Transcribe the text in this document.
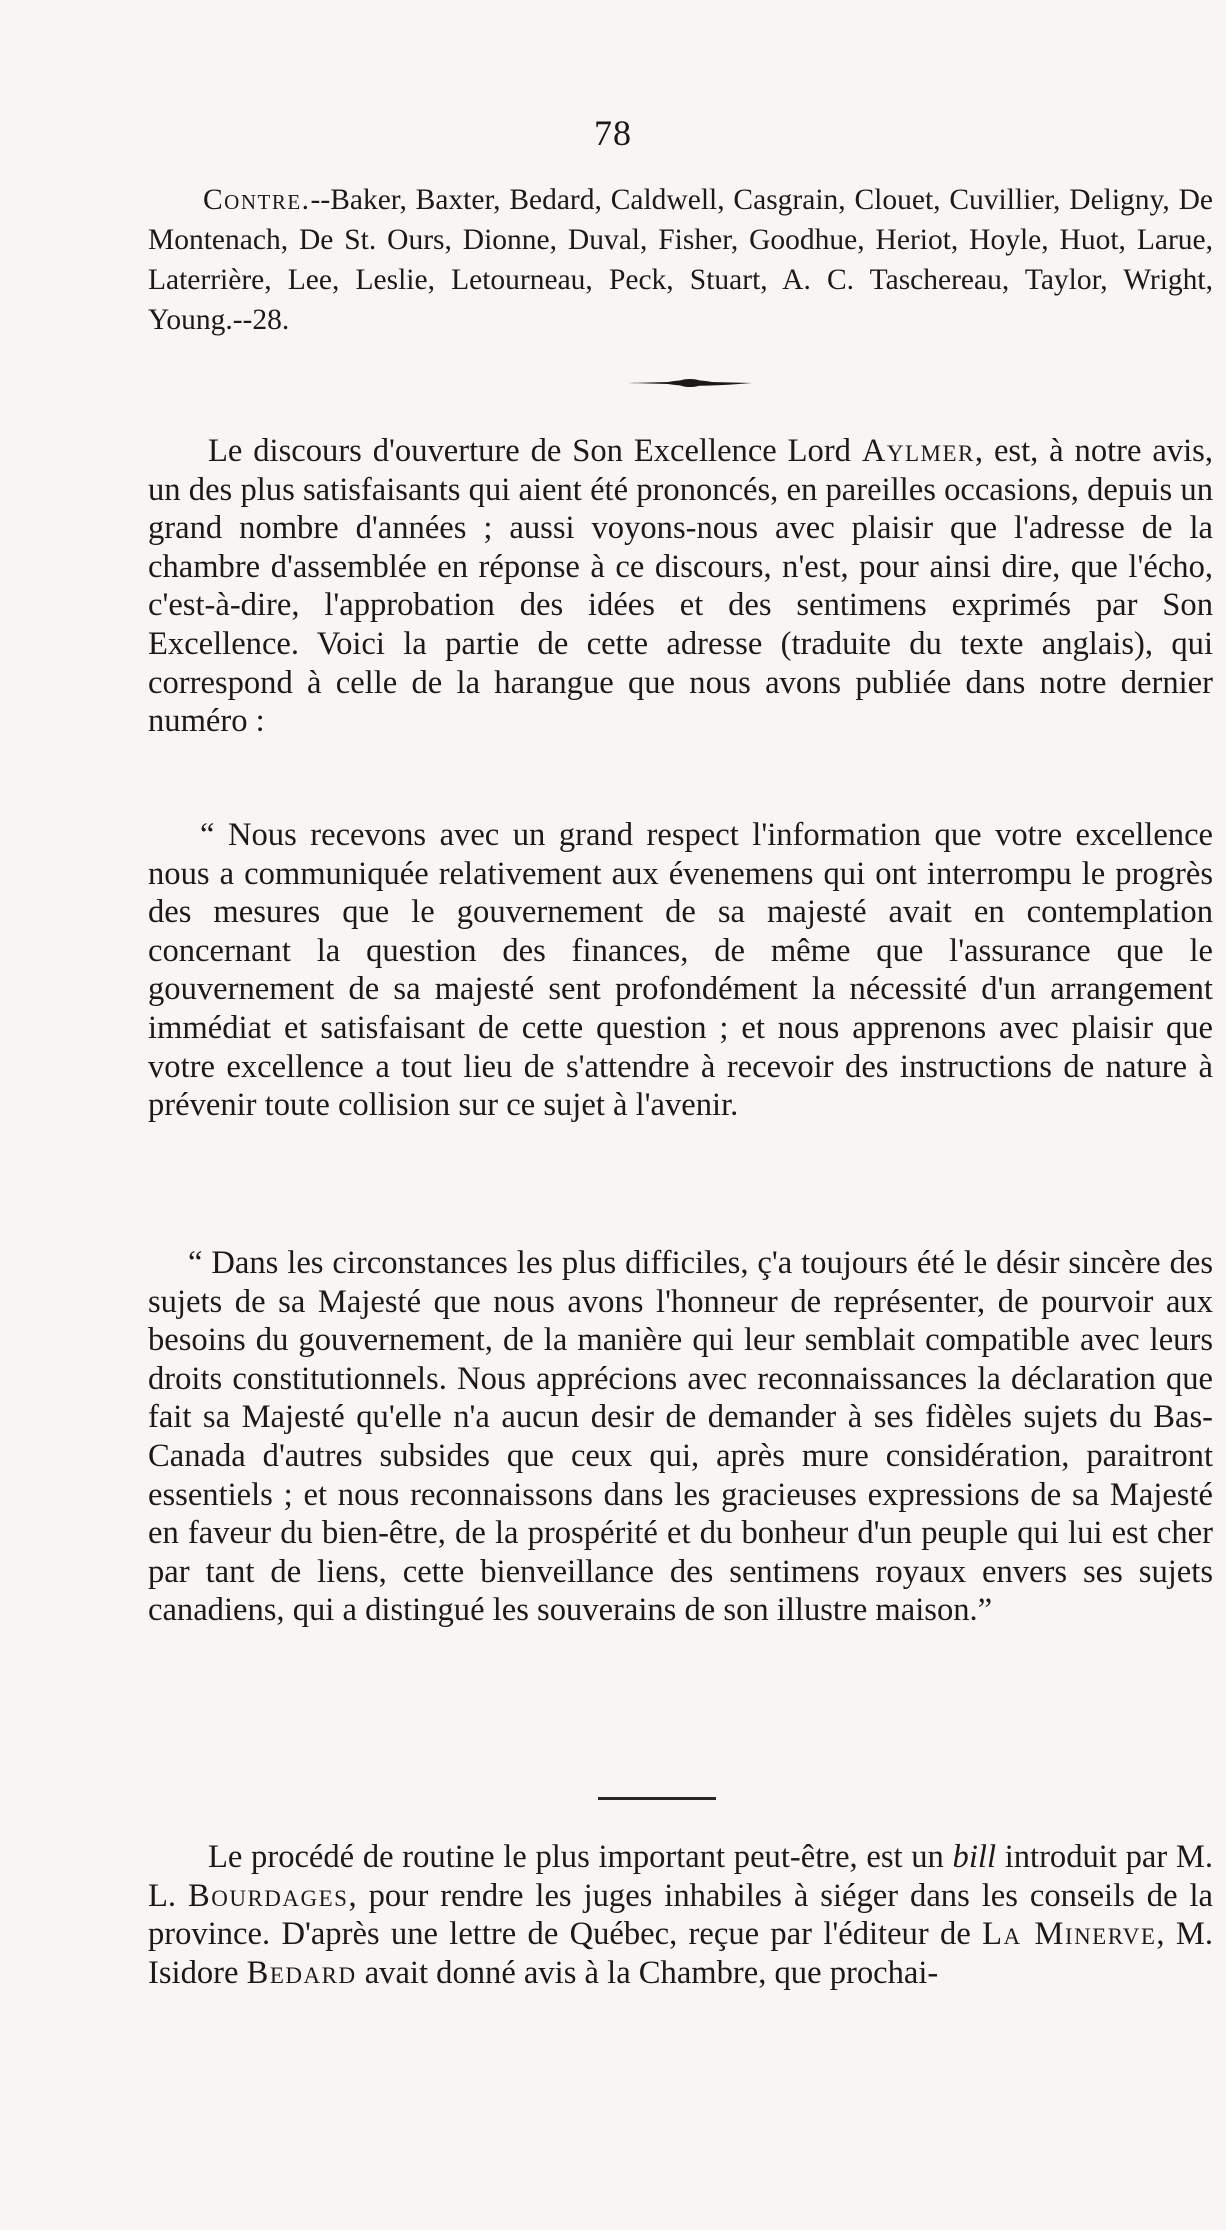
78
Contre.--Baker, Baxter, Bedard, Caldwell, Casgrain, Clouet, Cuvillier, Deligny, De Montenach, De St. Ours, Dionne, Duval, Fisher, Goodhue, Heriot, Hoyle, Huot, Larue, Laterrière, Lee, Leslie, Letourneau, Peck, Stuart, A. C. Taschereau, Taylor, Wright, Young.--28.

Le discours d'ouverture de Son Excellence Lord Aylmer, est, à notre avis, un des plus satisfaisants qui aient été prononcés, en pareilles occasions, depuis un grand nombre d'années ; aussi voyons-nous avec plaisir que l'adresse de la chambre d'assemblée en réponse à ce discours, n'est, pour ainsi dire, que l'écho, c'est-à-dire, l'approbation des idées et des sentimens exprimés par Son Excellence. Voici la partie de cette adresse (traduite du texte anglais), qui correspond à celle de la harangue que nous avons publiée dans notre dernier numéro :

“ Nous recevons avec un grand respect l'information que votre excellence nous a communiquée relativement aux évenemens qui ont interrompu le progrès des mesures que le gouvernement de sa majesté avait en contemplation concernant la question des finances, de même que l'assurance que le gouvernement de sa majesté sent profondément la nécessité d'un arrangement immédiat et satisfaisant de cette question ; et nous apprenons avec plaisir que votre excellence a tout lieu de s'attendre à recevoir des instructions de nature à prévenir toute collision sur ce sujet à l'avenir.

“ Dans les circonstances les plus difficiles, ç'a toujours été le désir sincère des sujets de sa Majesté que nous avons l'honneur de représenter, de pourvoir aux besoins du gouvernement, de la manière qui leur semblait compatible avec leurs droits constitutionnels. Nous apprécions avec reconnaissances la déclaration que fait sa Majesté qu'elle n'a aucun desir de demander à ses fidèles sujets du Bas-Canada d'autres subsides que ceux qui, après mure considération, paraitront essentiels ; et nous reconnaissons dans les gracieuses expressions de sa Majesté en faveur du bien-être, de la prospérité et du bonheur d'un peuple qui lui est cher par tant de liens, cette bienveillance des sentimens royaux envers ses sujets canadiens, qui a distingué les souverains de son illustre maison.”

Le procédé de routine le plus important peut-être, est un bill introduit par M. L. Bourdages, pour rendre les juges inhabiles à siéger dans les conseils de la province. D'après une lettre de Québec, reçue par l'éditeur de La Minerve, M. Isidore Bedard avait donné avis à la Chambre, que prochai-
